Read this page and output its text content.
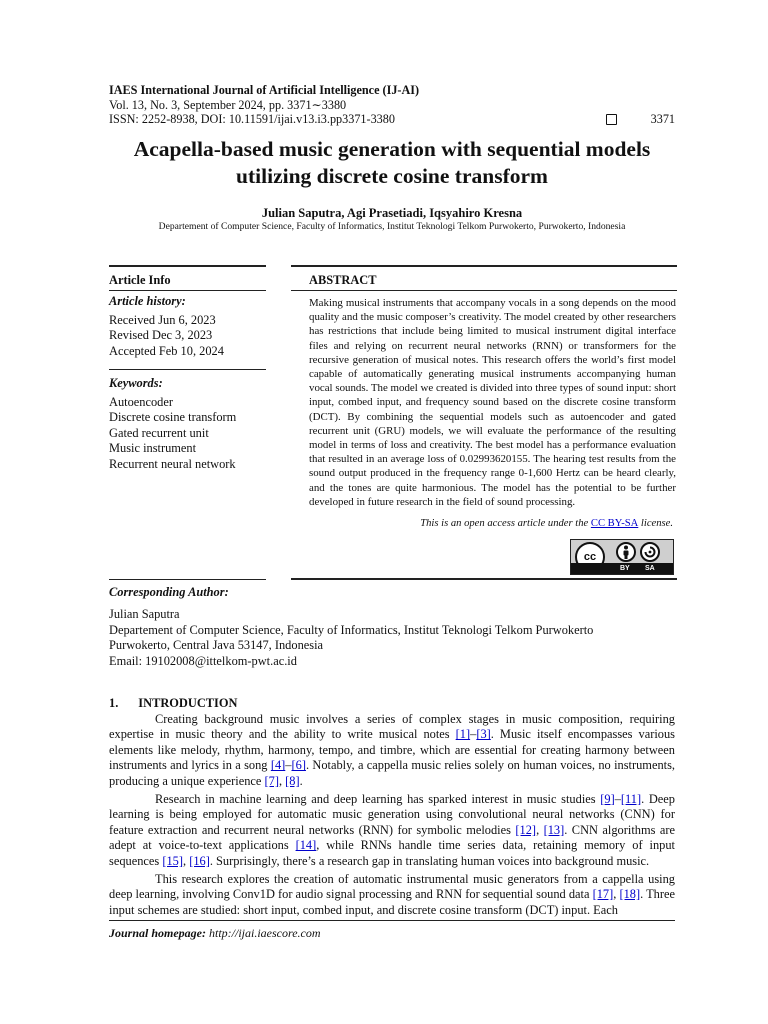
IAES International Journal of Artificial Intelligence (IJ-AI)
Vol. 13, No. 3, September 2024, pp. 3371∼3380
ISSN: 2252-8938, DOI: 10.11591/ijai.v13.i3.pp3371-3380	3371
Acapella-based music generation with sequential models
utilizing discrete cosine transform
Julian Saputra, Agi Prasetiadi, Iqsyahiro Kresna
Departement of Computer Science, Faculty of Informatics, Institut Teknologi Telkom Purwokerto, Purwokerto, Indonesia
Article Info
Article history:
Received Jun 6, 2023
Revised Dec 3, 2023
Accepted Feb 10, 2024
Keywords:
Autoencoder
Discrete cosine transform
Gated recurrent unit
Music instrument
Recurrent neural network
ABSTRACT
Making musical instruments that accompany vocals in a song depends on the mood quality and the music composer’s creativity. The model created by other researchers has restrictions that include being limited to musical instrument digital interface files and relying on recurrent neural networks (RNN) or transformers for the recursive generation of musical notes. This research offers the world’s first model capable of automatically generating musical instruments accompanying human vocal sounds. The model we created is divided into three types of sound input: short input, combed input, and frequency sound based on the discrete cosine transform (DCT). By combining the sequential models such as autoencoder and gated recurrent unit (GRU) models, we will evaluate the performance of the resulting model in terms of loss and creativity. The best model has a performance evaluation that resulted in an average loss of 0.02993620155. The hearing test results from the sound output produced in the frequency range 0-1,600 Hertz can be heard clearly, and the tones are quite harmonious. The model has the potential to be further developed in future research in the field of sound processing.
This is an open access article under the CC BY-SA license.
cc
BY SA
Corresponding Author:
Julian Saputra
Departement of Computer Science, Faculty of Informatics, Institut Teknologi Telkom Purwokerto
Purwokerto, Central Java 53147, Indonesia
Email: 19102008@ittelkom-pwt.ac.id
1. INTRODUCTION

Creating background music involves a series of complex stages in music composition, requiring expertise in music theory and the ability to write musical notes [1]–[3]. Music itself encompasses various elements like melody, rhythm, harmony, tempo, and timbre, which are essential for creating harmony between instruments and lyrics in a song [4]–[6]. Notably, a cappella music relies solely on human voices, no instruments, producing a unique experience [7], [8].

Research in machine learning and deep learning has sparked interest in music studies [9]–[11]. Deep learning is being employed for automatic music generation using convolutional neural networks (CNN) for feature extraction and recurrent neural networks (RNN) for symbolic melodies [12], [13]. CNN algorithms are adept at voice-to-text applications [14], while RNNs handle time series data, retaining memory of input sequences [15], [16]. Surprisingly, there’s a research gap in translating human voices into background music.

This research explores the creation of automatic instrumental music generators from a cappella using deep learning, involving Conv1D for audio signal processing and RNN for sequential sound data [17], [18]. Three input schemes are studied: short input, combed input, and discrete cosine transform (DCT) input. Each

Journal homepage: http://ijai.iaescore.com
